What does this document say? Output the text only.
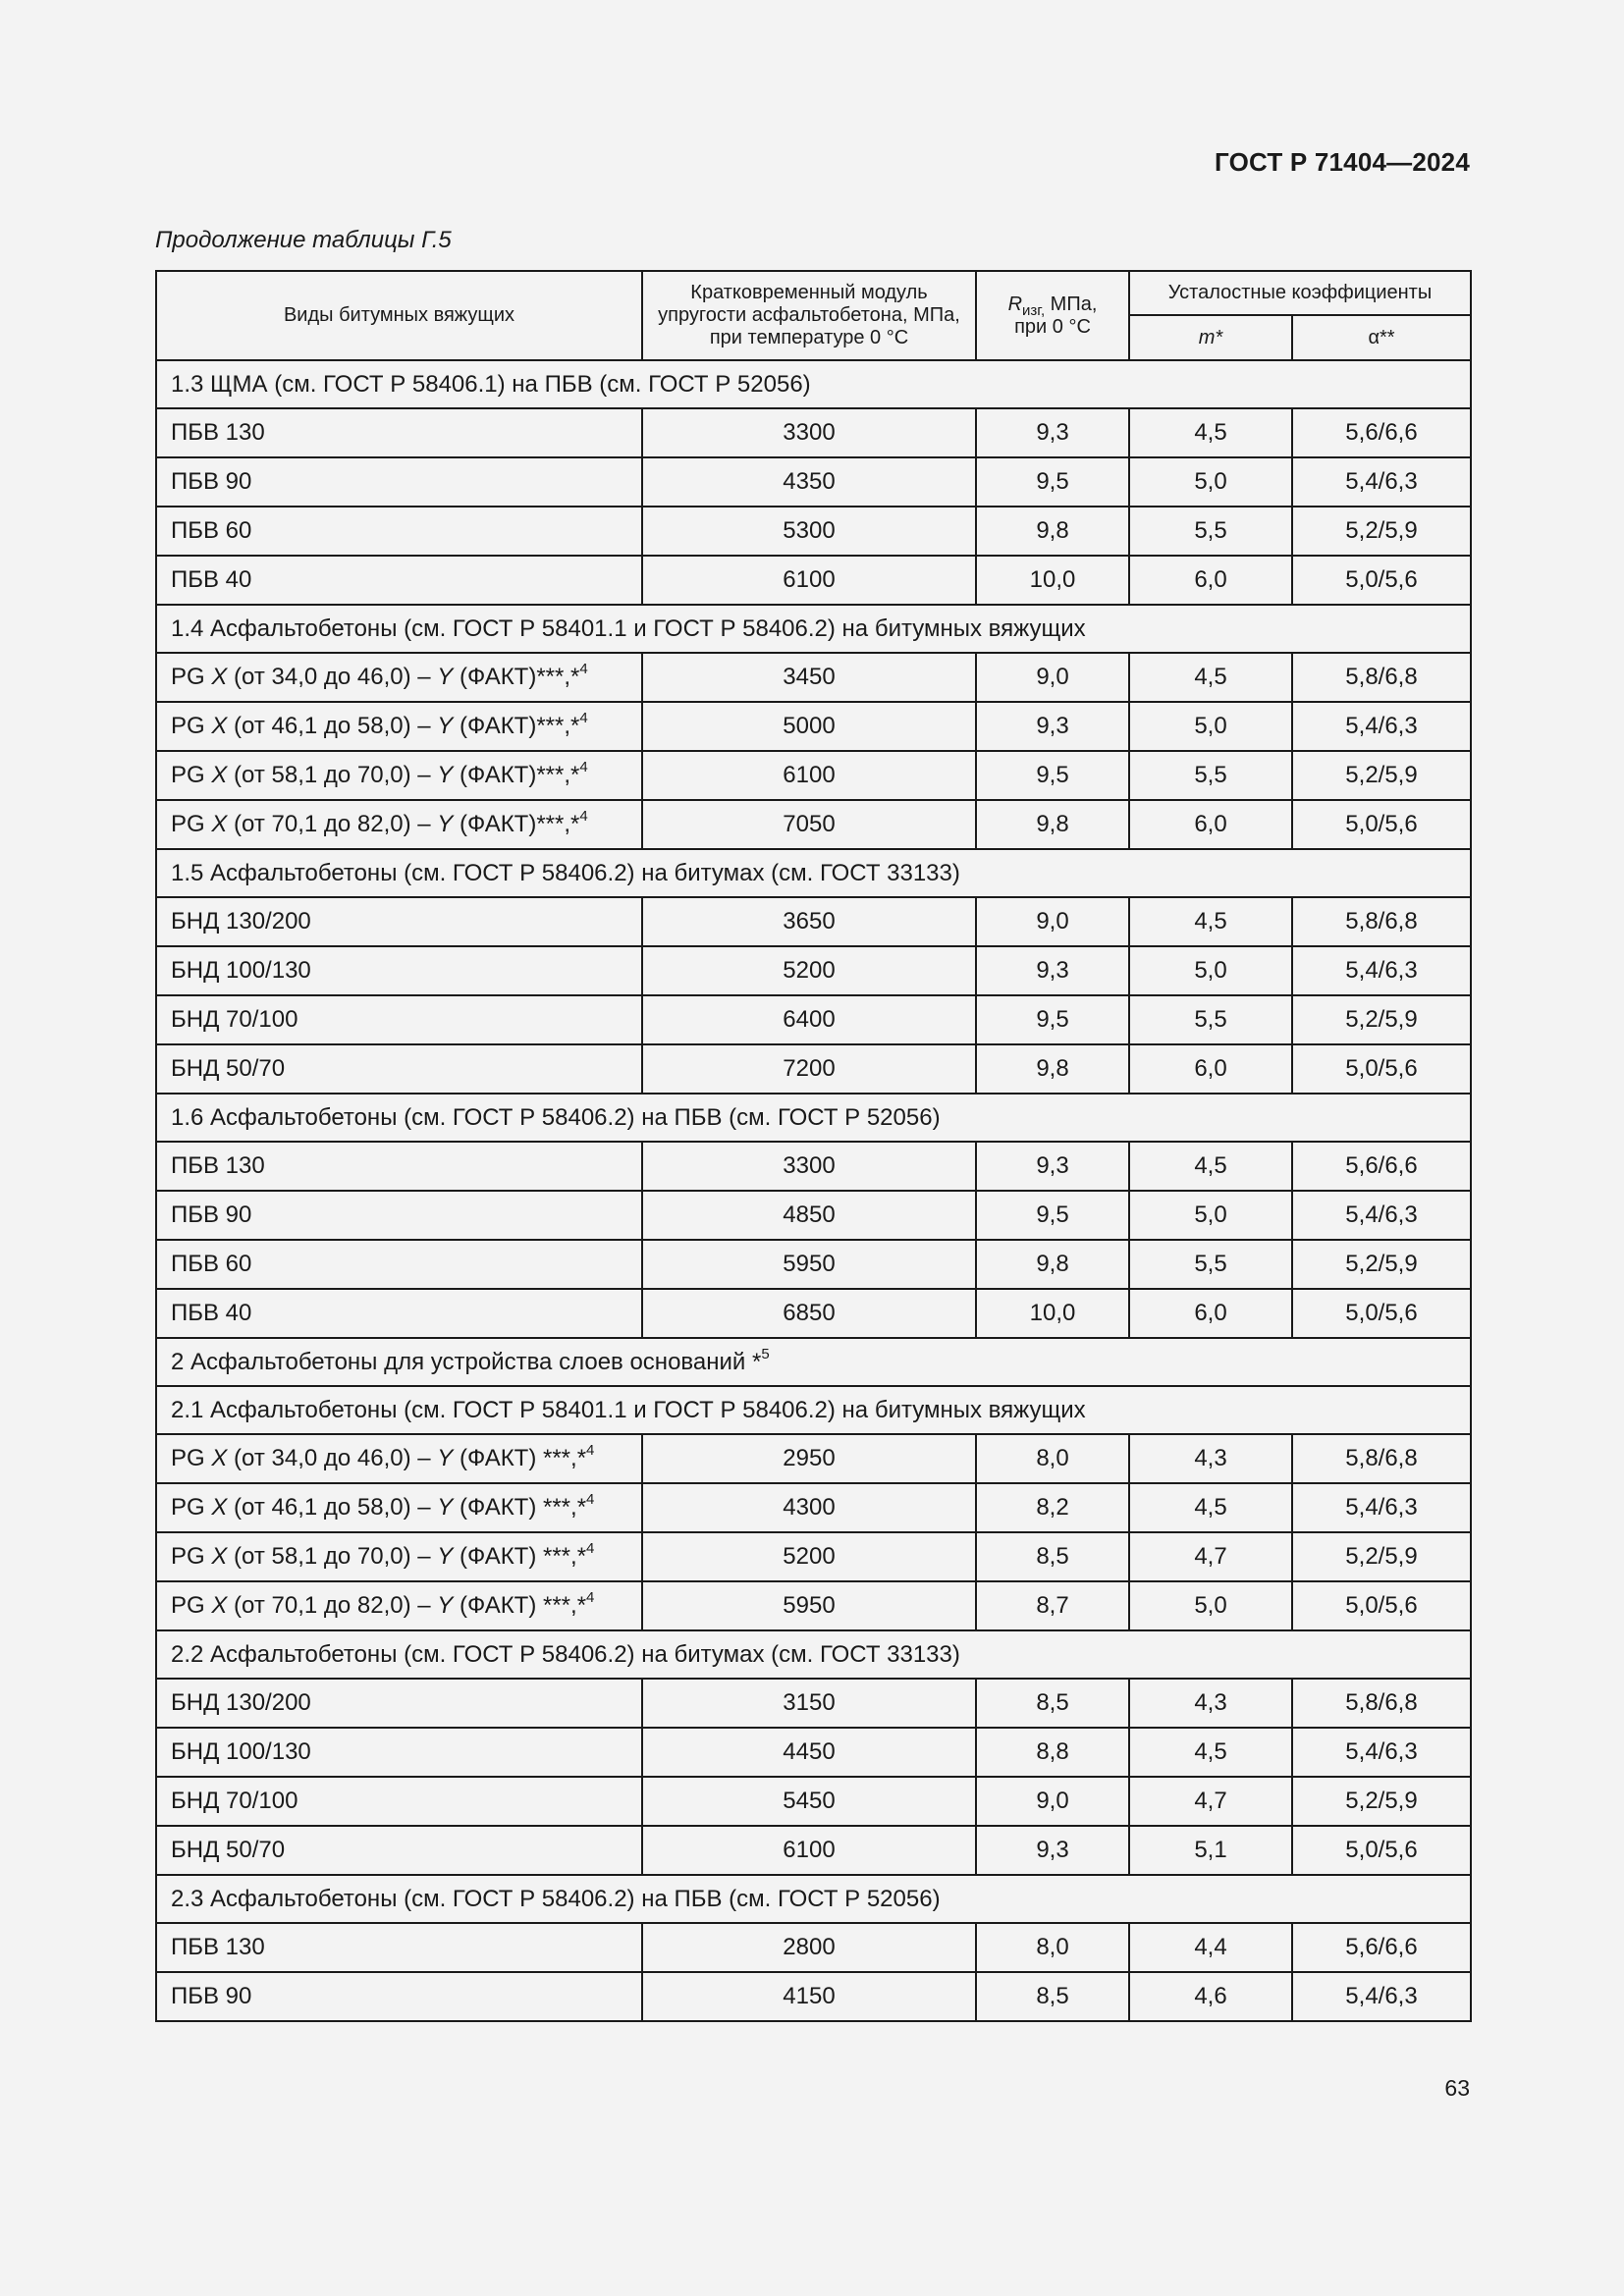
ГОСТ Р 71404—2024
Продолжение таблицы Г.5
Виды битумных вяжущих	Кратковременный модуль упругости асфальтобетона, МПа, при температуре 0 °С	$R_{изг,}$ МПа, при 0 °С	Усталостные коэффициенты	
			m*	α**
1.3 ЩМА (см. ГОСТ Р 58406.1) на ПБВ (см. ГОСТ Р 52056)				
ПБВ 130	3300	9,3	4,5	5,6/6,6
ПБВ 90	4350	9,5	5,0	5,4/6,3
ПБВ 60	5300	9,8	5,5	5,2/5,9
ПБВ 40	6100	10,0	6,0	5,0/5,6
1.4 Асфальтобетоны (см. ГОСТ Р 58401.1 и ГОСТ Р 58406.2) на битумных вяжущих				
PG X (от 34,0 до 46,0) – Y (ФАКТ)***,*$^4$	3450	9,0	4,5	5,8/6,8
PG X (от 46,1 до 58,0) – Y (ФАКТ)***,*$^4$	5000	9,3	5,0	5,4/6,3
PG X (от 58,1 до 70,0) – Y (ФАКТ)***,*$^4$	6100	9,5	5,5	5,2/5,9
PG X (от 70,1 до 82,0) – Y (ФАКТ)***,*$^4$	7050	9,8	6,0	5,0/5,6
1.5 Асфальтобетоны (см. ГОСТ Р 58406.2) на битумах (см. ГОСТ 33133)				
БНД 130/200	3650	9,0	4,5	5,8/6,8
БНД 100/130	5200	9,3	5,0	5,4/6,3
БНД 70/100	6400	9,5	5,5	5,2/5,9
БНД 50/70	7200	9,8	6,0	5,0/5,6
1.6 Асфальтобетоны (см. ГОСТ Р 58406.2) на ПБВ (см. ГОСТ Р 52056)				
ПБВ 130	3300	9,3	4,5	5,6/6,6
ПБВ 90	4850	9,5	5,0	5,4/6,3
ПБВ 60	5950	9,8	5,5	5,2/5,9
ПБВ 40	6850	10,0	6,0	5,0/5,6
2 Асфальтобетоны для устройства слоев оснований *$^5$
2.1 Асфальтобетоны (см. ГОСТ Р 58401.1 и ГОСТ Р 58406.2) на битумных вяжущих				
PG X (от 34,0 до 46,0) – Y (ФАКТ) ***,*$^4$	2950	8,0	4,3	5,8/6,8
PG X (от 46,1 до 58,0) – Y (ФАКТ) ***,*$^4$	4300	8,2	4,5	5,4/6,3
PG X (от 58,1 до 70,0) – Y (ФАКТ) ***,*$^4$	5200	8,5	4,7	5,2/5,9
PG X (от 70,1 до 82,0) – Y (ФАКТ) ***,*$^4$	5950	8,7	5,0	5,0/5,6
2.2 Асфальтобетоны (см. ГОСТ Р 58406.2) на битумах (см. ГОСТ 33133)				
БНД 130/200	3150	8,5	4,3	5,8/6,8
БНД 100/130	4450	8,8	4,5	5,4/6,3
БНД 70/100	5450	9,0	4,7	5,2/5,9
БНД 50/70	6100	9,3	5,1	5,0/5,6
2.3 Асфальтобетоны (см. ГОСТ Р 58406.2) на ПБВ (см. ГОСТ Р 52056)				
ПБВ 130	2800	8,0	4,4	5,6/6,6
ПБВ 90	4150	8,5	4,6	5,4/6,3
63
